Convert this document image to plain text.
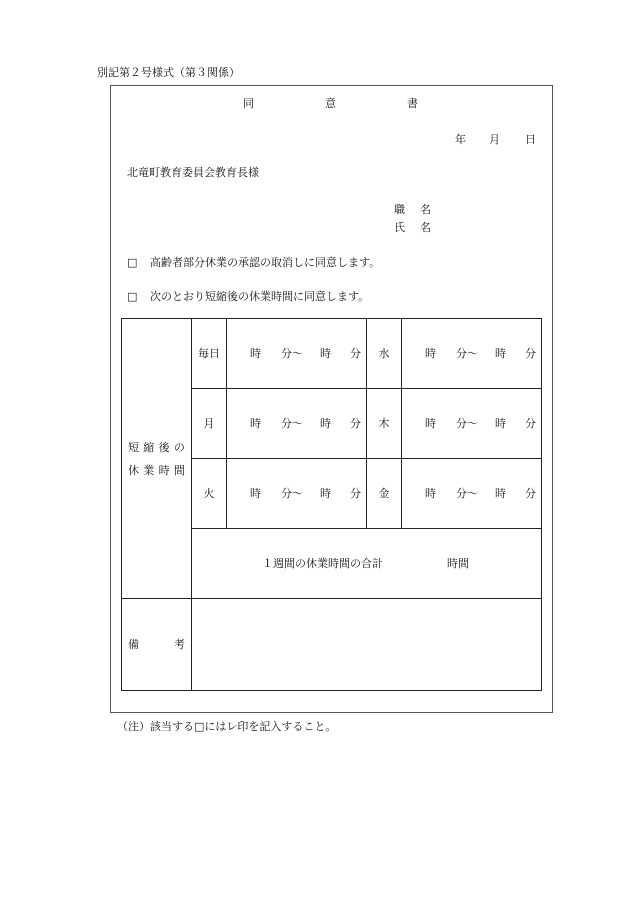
別記第２号様式（第３関係）
同	意	書
年 月 日
北竜町教育委員会教育長様
職 名
氏 名
□ 高齢者部分休業の承認の取消しに同意します。
□ 次のとおり短縮後の休業時間に同意します。
短縮後の
休業時間
毎日	時 分〜 時 分 水	時 分〜 時 分
月	時 分〜 時 分 木	時 分〜 時 分
火	時 分〜 時 分 金	時 分〜 時 分
１週間の休業時間の合計	時間
備	考
（注）該当する□にはレ印を記入すること。
